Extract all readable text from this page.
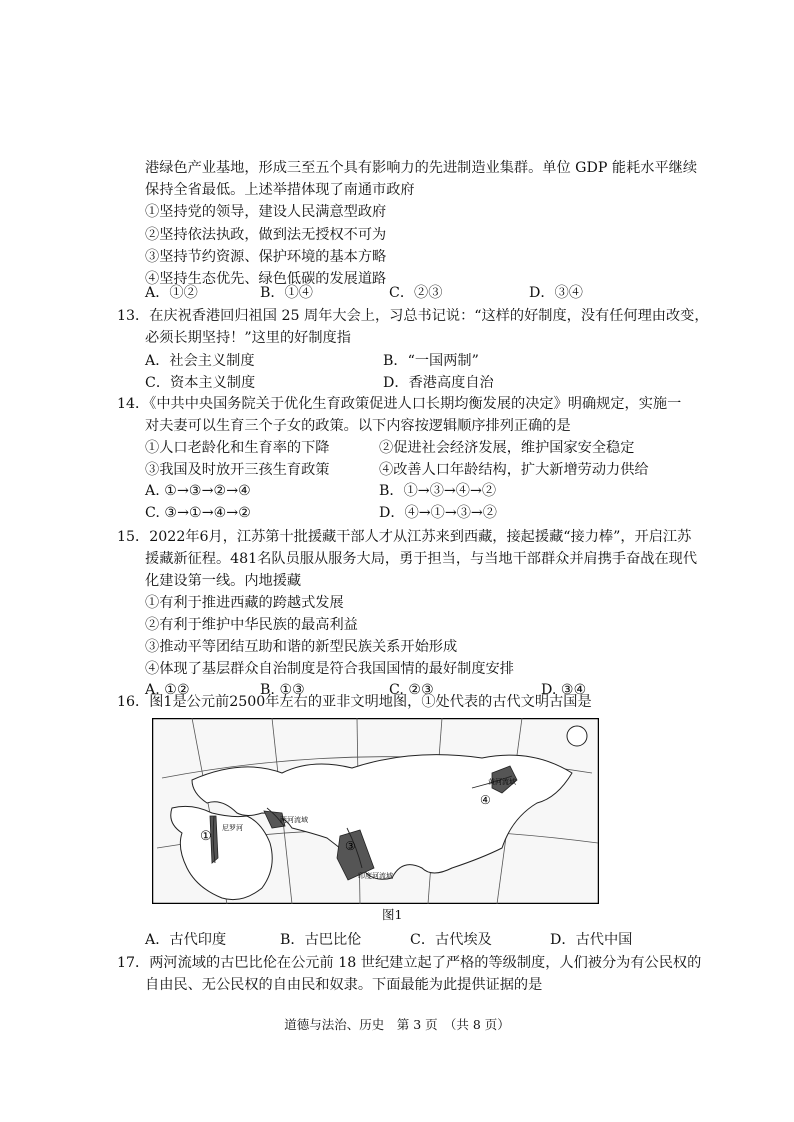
港绿色产业基地，形成三至五个具有影响力的先进制造业集群。单位 GDP 能耗水平继续
保持全省最低。上述举措体现了南通市政府
①坚持党的领导，建设人民满意型政府
②坚持依法执政，做到法无授权不可为
③坚持节约资源、保护环境的基本方略
④坚持生态优先、绿色低碳的发展道路
A．①②	B．①④	C．②③	D．③④
13．在庆祝香港回归祖国 25 周年大会上，习总书记说：“这样的好制度，没有任何理由改变，
必须长期坚持！”这里的好制度指
A．社会主义制度	B．“一国两制”
C．资本主义制度	D．香港高度自治
14．《中共中央国务院关于优化生育政策促进人口长期均衡发展的决定》明确规定，实施一
对夫妻可以生育三个子女的政策。以下内容按逻辑顺序排列正确的是
①人口老龄化和生育率的下降	②促进社会经济发展，维护国家安全稳定
③我国及时放开三孩生育政策	④改善人口年龄结构，扩大新增劳动力供给
A. ①→③→②→④	B．①→③→④→②
C. ③→①→④→②	D．④→①→③→②
15．2022年6月，江苏第十批援藏干部人才从江苏来到西藏，接起援藏“接力棒”，开启江苏
援藏新征程。481名队员服从服务大局，勇于担当，与当地干部群众并肩携手奋战在现代
化建设第一线。内地援藏
①有利于推进西藏的跨越式发展
②有利于维护中华民族的最高利益
③推动平等团结互助和谐的新型民族关系开始形成
④体现了基层群众自治制度是符合我国国情的最好制度安排
A. ①②	B. ①③	C. ②③	D. ③④
16．图1是公元前2500年左右的亚非文明地图，①处代表的古代文明古国是
①
③
④
尼罗河
两河流域
印度河流域
黄河流域
图1
A．古代印度	B．古巴比伦	C．古代埃及	D．古代中国
17．两河流域的古巴比伦在公元前 18 世纪建立起了严格的等级制度，人们被分为有公民权的
自由民、无公民权的自由民和奴隶。下面最能为此提供证据的是
道德与法治、历史　第 3 页　（共 8 页）
